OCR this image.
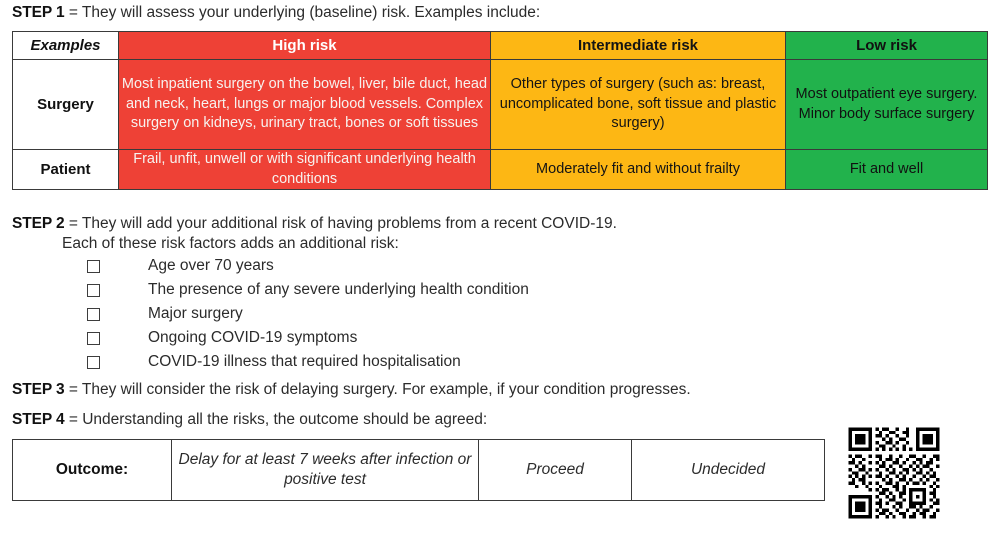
STEP 1 = They will assess your underlying (baseline) risk. Examples include:
Examples	High risk	Intermediate risk	Low risk
Surgery	Most inpatient surgery on the bowel, liver, bile duct, head and neck, heart, lungs or major blood vessels. Complex surgery on kidneys, urinary tract, bones or soft tissues	Other types of surgery (such as: breast, uncomplicated bone, soft tissue and plastic surgery)	Most outpatient eye surgery. Minor body surface surgery
Patient	Frail, unfit, unwell or with significant underlying health conditions	Moderately fit and without frailty	Fit and well
STEP 2 = They will add your additional risk of having problems from a recent COVID-19.
Each of these risk factors adds an additional risk:
Age over 70 years
The presence of any severe underlying health condition
Major surgery
Ongoing COVID-19 symptoms
COVID-19 illness that required hospitalisation
STEP 3 = They will consider the risk of delaying surgery. For example, if your condition progresses.
STEP 4 = Understanding all the risks, the outcome should be agreed:
Outcome:	Delay for at least 7 weeks after infection or positive test	Proceed	Undecided
